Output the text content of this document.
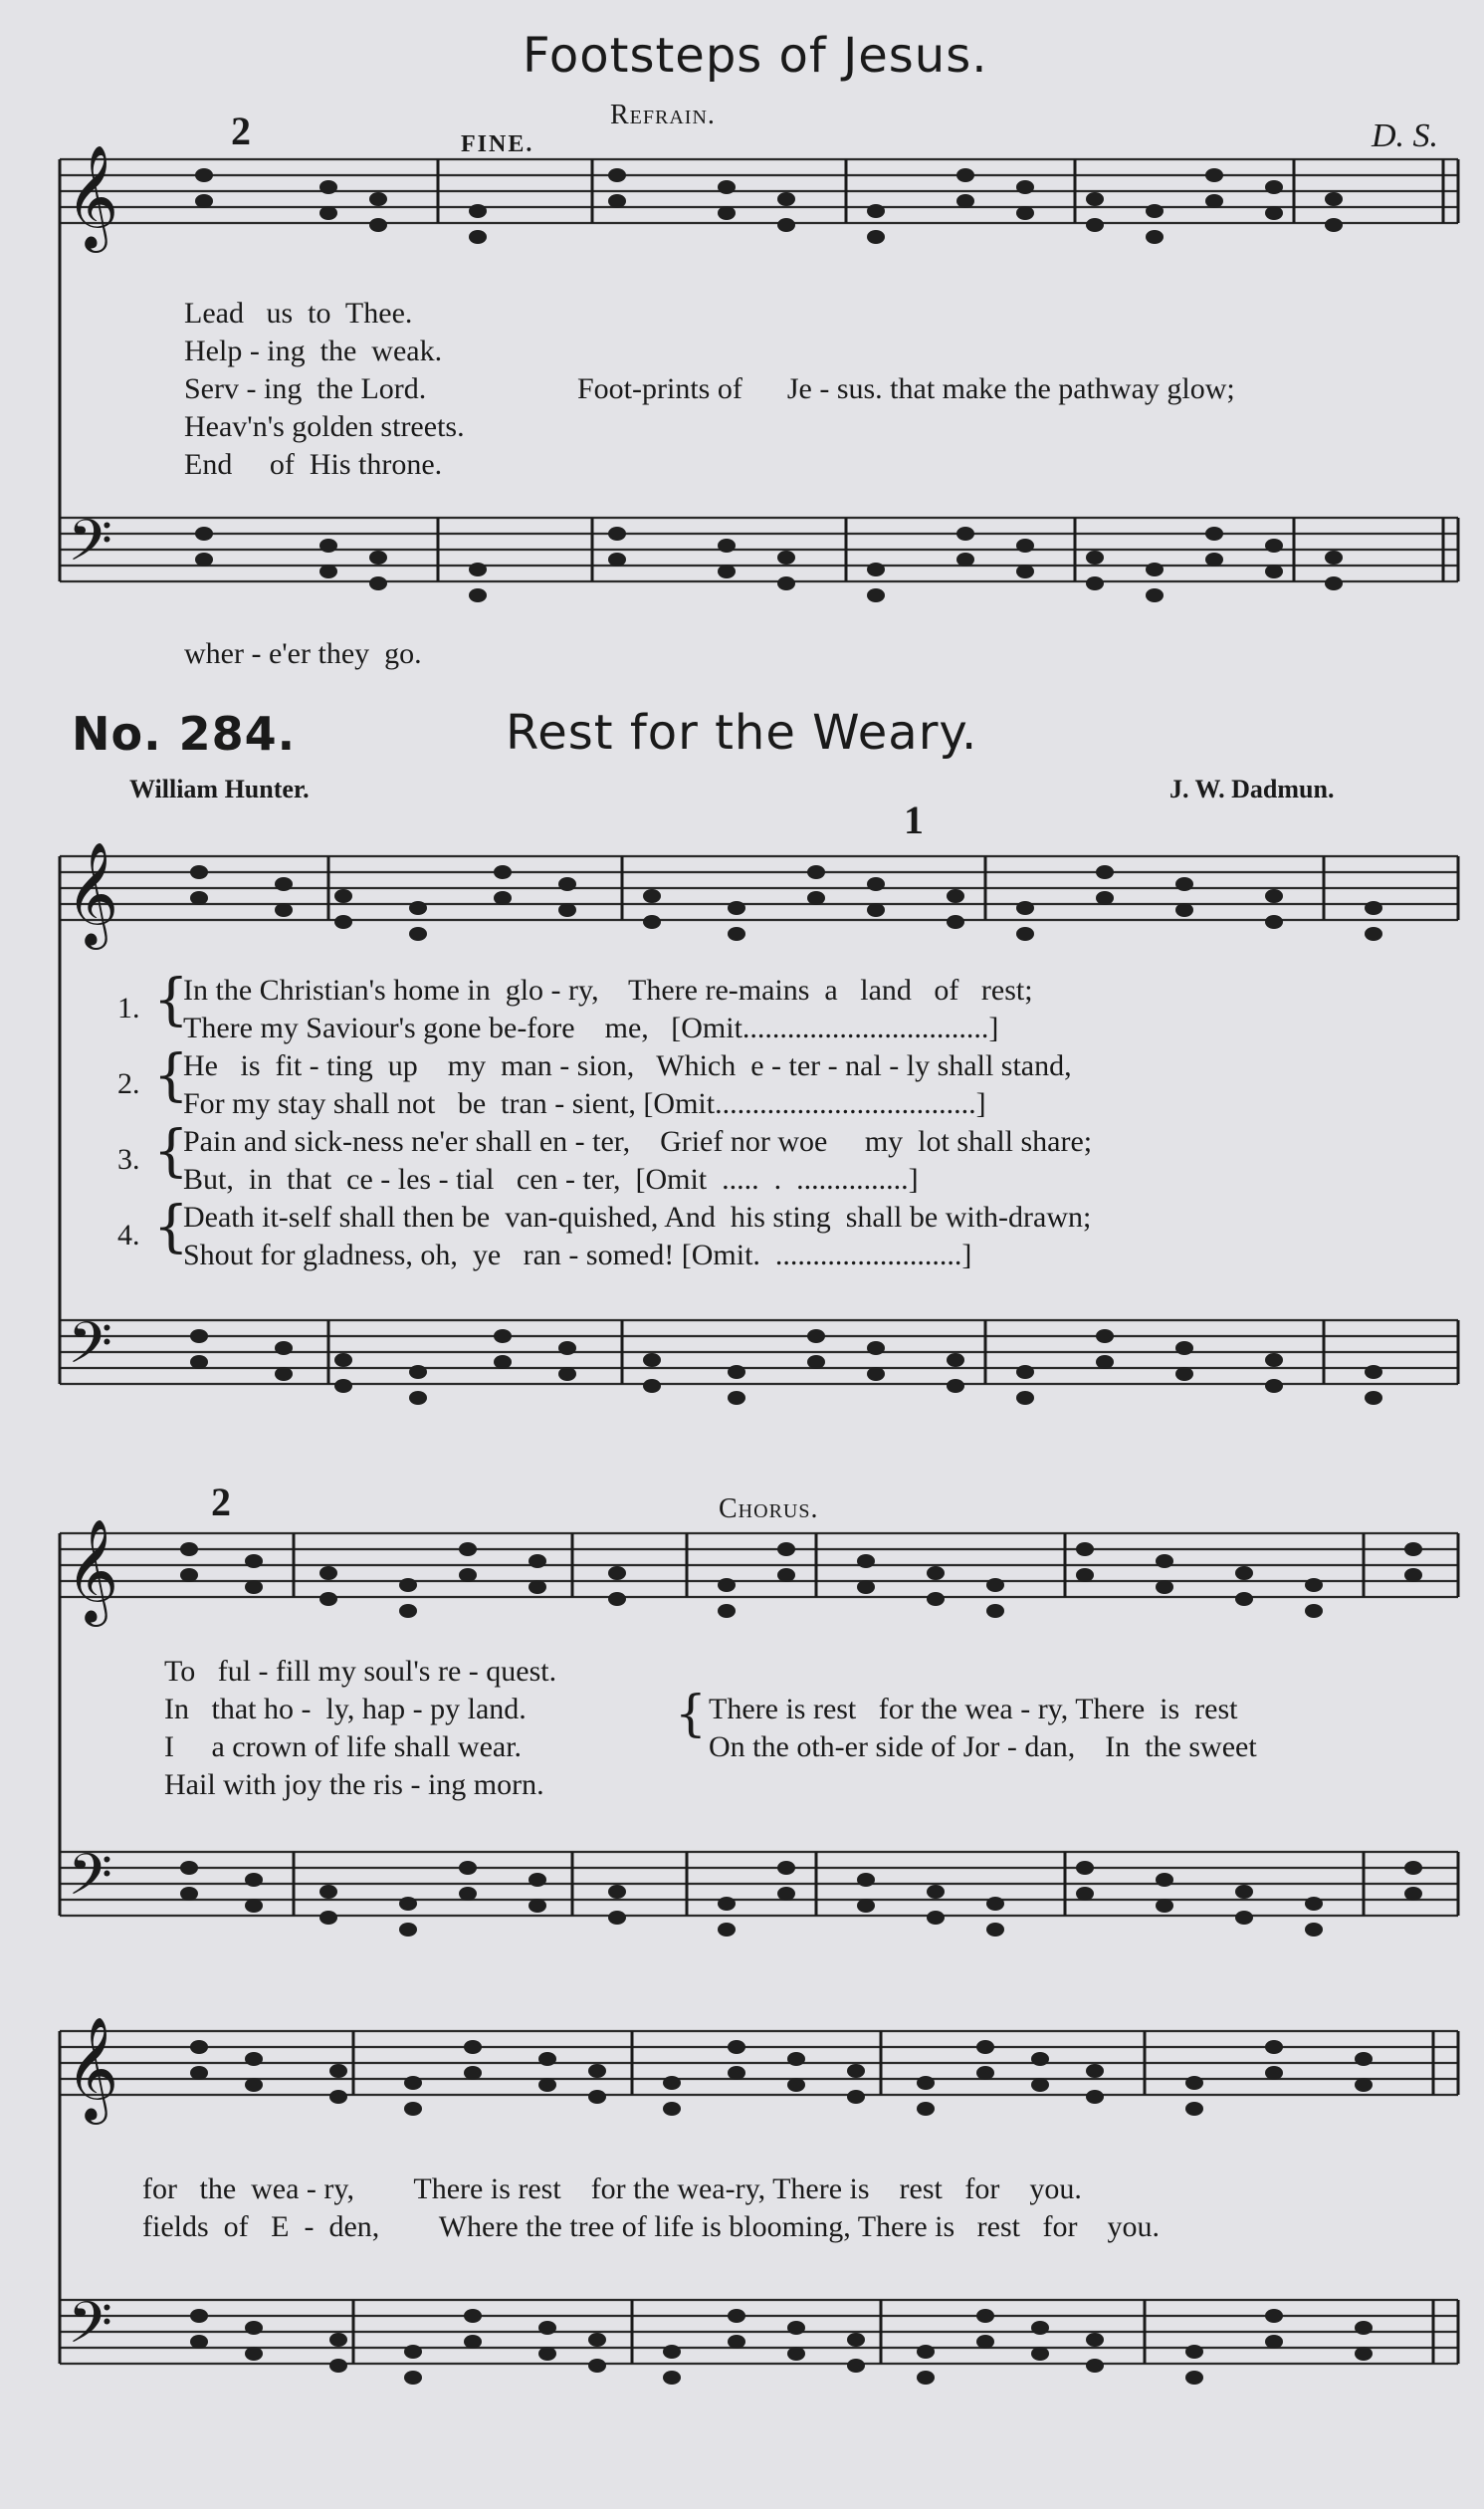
𝄞
𝄢
𝄞
𝄢
𝄞
𝄢
𝄞
𝄢
Footsteps of Jesus.
2	FINE.
Refrain.
D. S.
Lead   us  to  Thee.
Help - ing  the  weak.
Serv - ing  the Lord.
Heav'n's golden streets.
End     of  His throne.
Foot-prints of      Je - sus. that make the pathway glow;
wher - e'er they  go.
No. 284.	Rest for the Weary.
William Hunter.	J. W. Dadmun.
1
2	Chorus.
1. {
In the Christian's home in  glo - ry,    There re-mains  a   land   of   rest;
There my Saviour's gone be-fore    me,   [Omit.................................]
2. {
He   is  fit - ting  up    my  man - sion,   Which  e - ter - nal - ly shall stand,
For my stay shall not   be  tran - sient, [Omit...................................]
3. {
Pain and sick-ness ne'er shall en - ter,    Grief nor woe     my  lot shall share;
But,  in  that  ce - les - tial   cen - ter,  [Omit  .....  .  ...............]
4. {
Death it-self shall then be  van-quished, And  his sting  shall be with-drawn;
Shout for gladness, oh,  ye   ran - somed! [Omit.  .........................]
To   ful - fill my soul's re - quest.
In   that ho -  ly, hap - py land.
I     a crown of life shall wear.
Hail with joy the ris - ing morn.
{ There is rest   for the wea - ry, There  is  rest
On the oth-er side of Jor - dan,    In  the sweet
for   the  wea - ry,        There is rest    for the wea-ry, There is    rest   for    you.
fields  of   E  -  den,        Where the tree of life is blooming, There is   rest   for    you.
